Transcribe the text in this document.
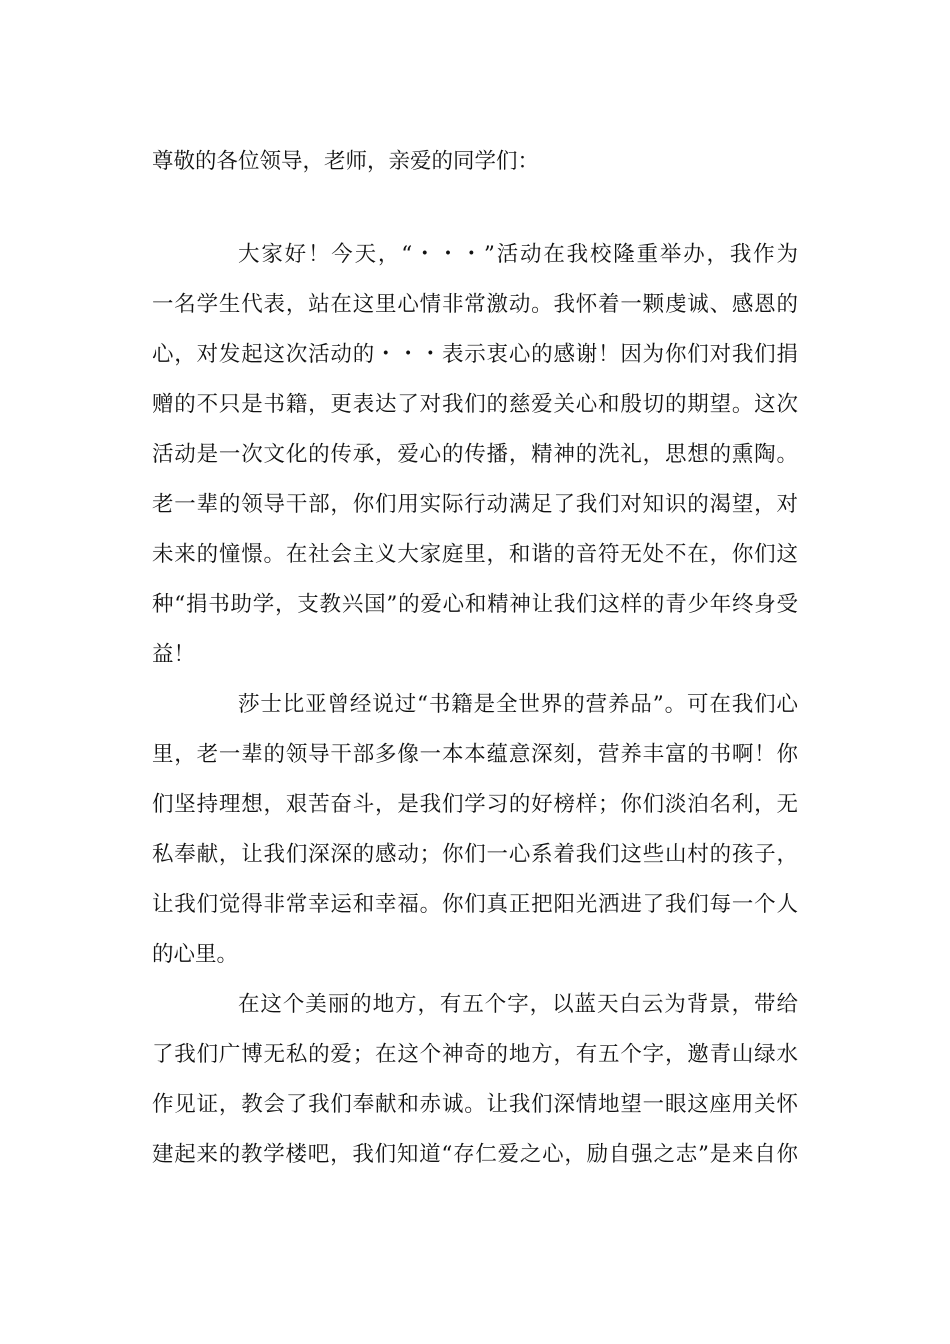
尊敬的各位领导，老师，亲爱的同学们：
大家好！今天，“・・・”活动在我校隆重举办，我作为
一名学生代表，站在这里心情非常激动。我怀着一颗虔诚、感恩的
心，对发起这次活动的・・・表示衷心的感谢！因为你们对我们捐
赠的不只是书籍，更表达了对我们的慈爱关心和殷切的期望。这次
活动是一次文化的传承，爱心的传播，精神的洗礼，思想的熏陶。
老一辈的领导干部，你们用实际行动满足了我们对知识的渴望，对
未来的憧憬。在社会主义大家庭里，和谐的音符无处不在，你们这
种“捐书助学，支教兴国”的爱心和精神让我们这样的青少年终身受
益！
莎士比亚曾经说过“书籍是全世界的营养品”。可在我们心
里，老一辈的领导干部多像一本本蕴意深刻，营养丰富的书啊！你
们坚持理想，艰苦奋斗，是我们学习的好榜样；你们淡泊名利，无
私奉献，让我们深深的感动；你们一心系着我们这些山村的孩子，
让我们觉得非常幸运和幸福。你们真正把阳光洒进了我们每一个人
的心里。
在这个美丽的地方，有五个字，以蓝天白云为背景，带给
了我们广博无私的爱；在这个神奇的地方，有五个字，邀青山绿水
作见证，教会了我们奉献和赤诚。让我们深情地望一眼这座用关怀
建起来的教学楼吧，我们知道“存仁爱之心，励自强之志”是来自你
